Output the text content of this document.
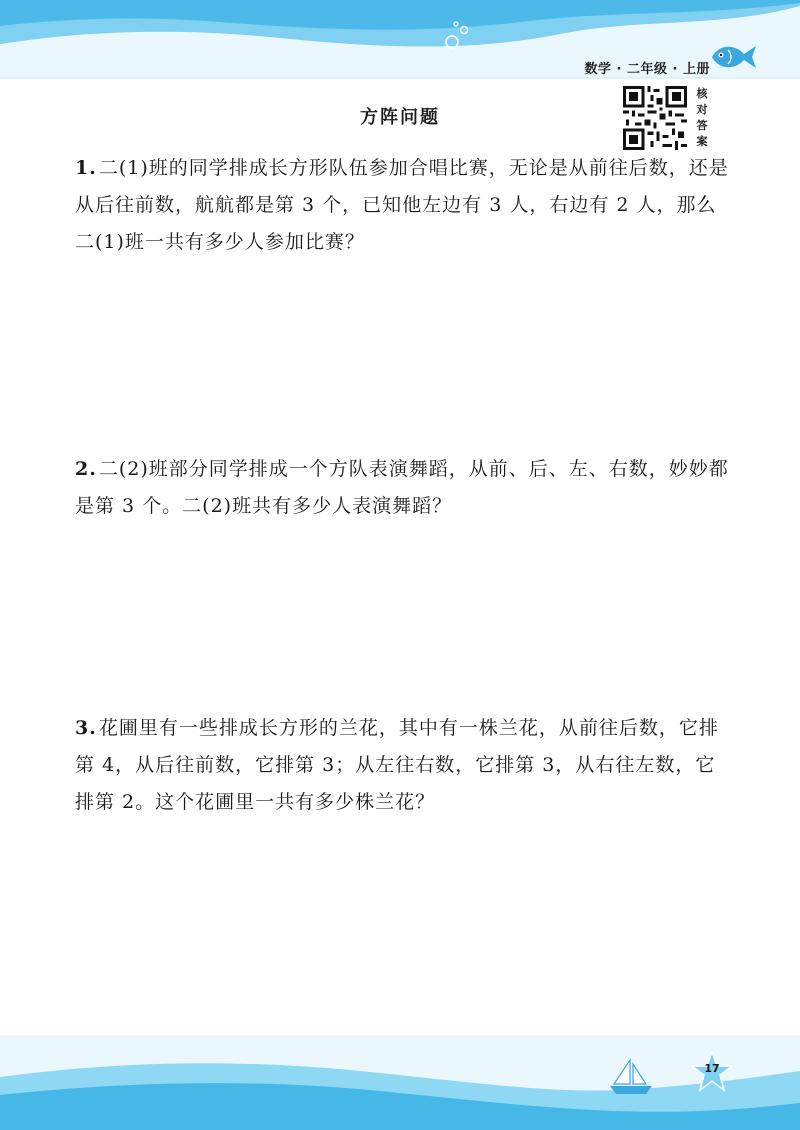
数学 · 二年级 · 上册
方阵问题
核对答案
1. 二(1)班的同学排成长方形队伍参加合唱比赛，无论是从前往后数，还是从后往前数，航航都是第 3 个，已知他左边有 3 人，右边有 2 人，那么二(1)班一共有多少人参加比赛？
2. 二(2)班部分同学排成一个方队表演舞蹈，从前、后、左、右数，妙妙都是第 3 个。二(2)班共有多少人表演舞蹈？
3. 花圃里有一些排成长方形的兰花，其中有一株兰花，从前往后数，它排第 4，从后往前数，它排第 3；从左往右数，它排第 3，从右往左数，它排第 2。这个花圃里一共有多少株兰花？
17
